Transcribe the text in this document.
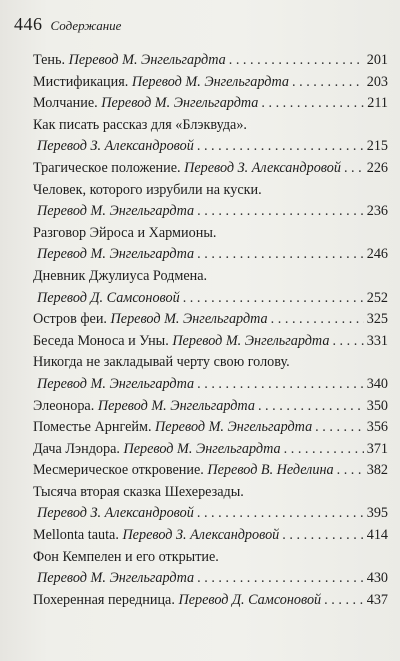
446 Содержание
Тень. Перевод М. Энгельгардта . . .	201
Мистификация. Перевод М. Энгельгардта . . .	203
Молчание. Перевод М. Энгельгардта . . .	211
Как писать рассказ для «Блэквуда».
Перевод З. Александровой . . .	215
Трагическое положение. Перевод З. Александровой . . . 226
Человек, которого изрубили на куски.
Перевод М. Энгельгардта . . .	236
Разговор Эйроса и Хармионы.
Перевод М. Энгельгардта . . .	246
Дневник Джулиуса Родмена.
Перевод Д. Самсоновой . . .	252
Остров феи. Перевод М. Энгельгардта . . .	325
Беседа Моноса и Уны. Перевод М. Энгельгардта . . .	331
Никогда не закладывай черту свою голову.
Перевод М. Энгельгардта . . .	340
Элеонора. Перевод М. Энгельгардта . . .	350
Поместье Арнгейм. Перевод М. Энгельгардта . . .	356
Дача Лэндора. Перевод М. Энгельгардта . . .	371
Месмерическое откровение. Перевод В. Неделина . . . 382
Тысяча вторая сказка Шехерезады.
Перевод З. Александровой . . .	395
Mellonta tauta. Перевод З. Александровой . . .	414
Фон Кемпелен и его открытие.
Перевод М. Энгельгардта . . .	430
Похеренная передница. Перевод Д. Самсоновой . . .	437
